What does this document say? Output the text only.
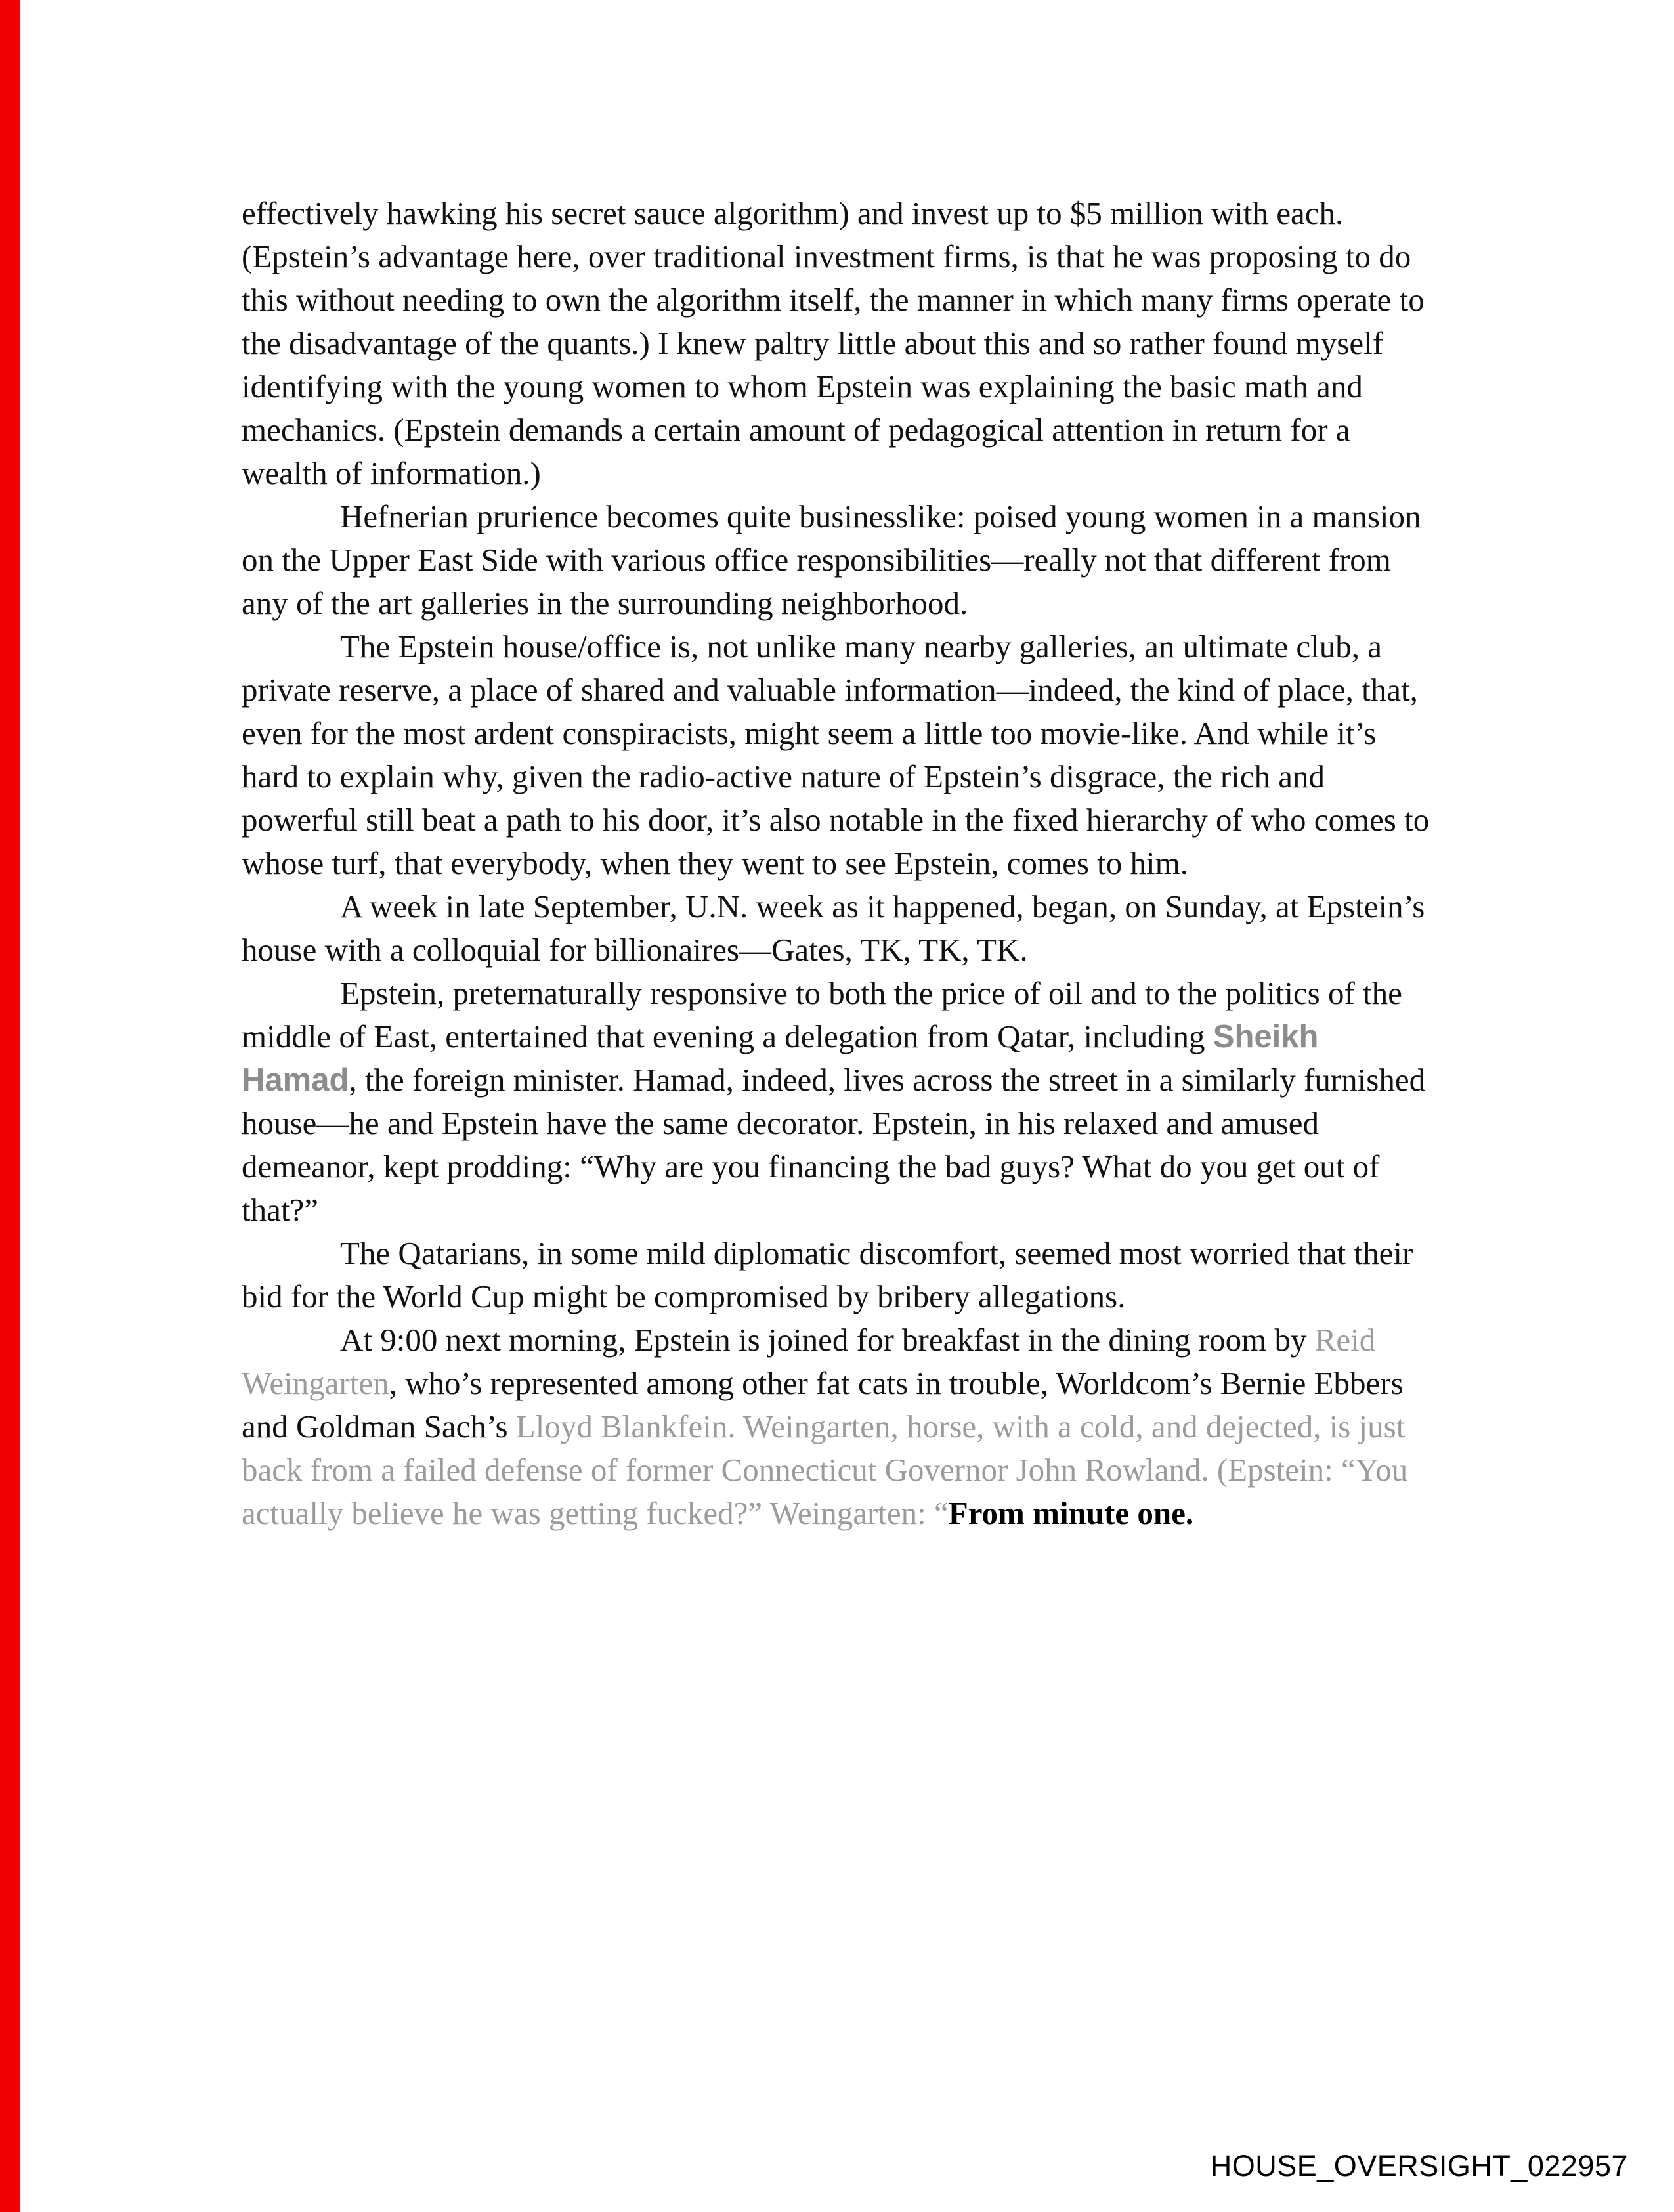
effectively hawking his secret sauce algorithm) and invest up to $5 million with each. (Epstein’s advantage here, over traditional investment firms, is that he was proposing to do this without needing to own the algorithm itself, the manner in which many firms operate to the disadvantage of the quants.) I knew paltry little about this and so rather found myself identifying with the young women to whom Epstein was explaining the basic math and mechanics. (Epstein demands a certain amount of pedagogical attention in return for a wealth of information.)

Hefnerian prurience becomes quite businesslike: poised young women in a mansion on the Upper East Side with various office responsibilities—really not that different from any of the art galleries in the surrounding neighborhood.

The Epstein house/office is, not unlike many nearby galleries, an ultimate club, a private reserve, a place of shared and valuable information—indeed, the kind of place, that, even for the most ardent conspiracists, might seem a little too movie-like. And while it’s hard to explain why, given the radio-active nature of Epstein’s disgrace, the rich and powerful still beat a path to his door, it’s also notable in the fixed hierarchy of who comes to whose turf, that everybody, when they went to see Epstein, comes to him.

A week in late September, U.N. week as it happened, began, on Sunday, at Epstein’s house with a colloquial for billionaires—Gates, TK, TK, TK.

Epstein, preternaturally responsive to both the price of oil and to the politics of the middle of East, entertained that evening a delegation from Qatar, including Sheikh Hamad, the foreign minister. Hamad, indeed, lives across the street in a similarly furnished house—he and Epstein have the same decorator. Epstein, in his relaxed and amused demeanor, kept prodding: “Why are you financing the bad guys? What do you get out of that?”

The Qatarians, in some mild diplomatic discomfort, seemed most worried that their bid for the World Cup might be compromised by bribery allegations.

At 9:00 next morning, Epstein is joined for breakfast in the dining room by Reid Weingarten, who’s represented among other fat cats in trouble, Worldcom’s Bernie Ebbers and Goldman Sach’s Lloyd Blankfein. Weingarten, horse, with a cold, and dejected, is just back from a failed defense of former Connecticut Governor John Rowland. (Epstein: “You actually believe he was getting fucked?” Weingarten: “From minute one.

HOUSE_OVERSIGHT_022957
